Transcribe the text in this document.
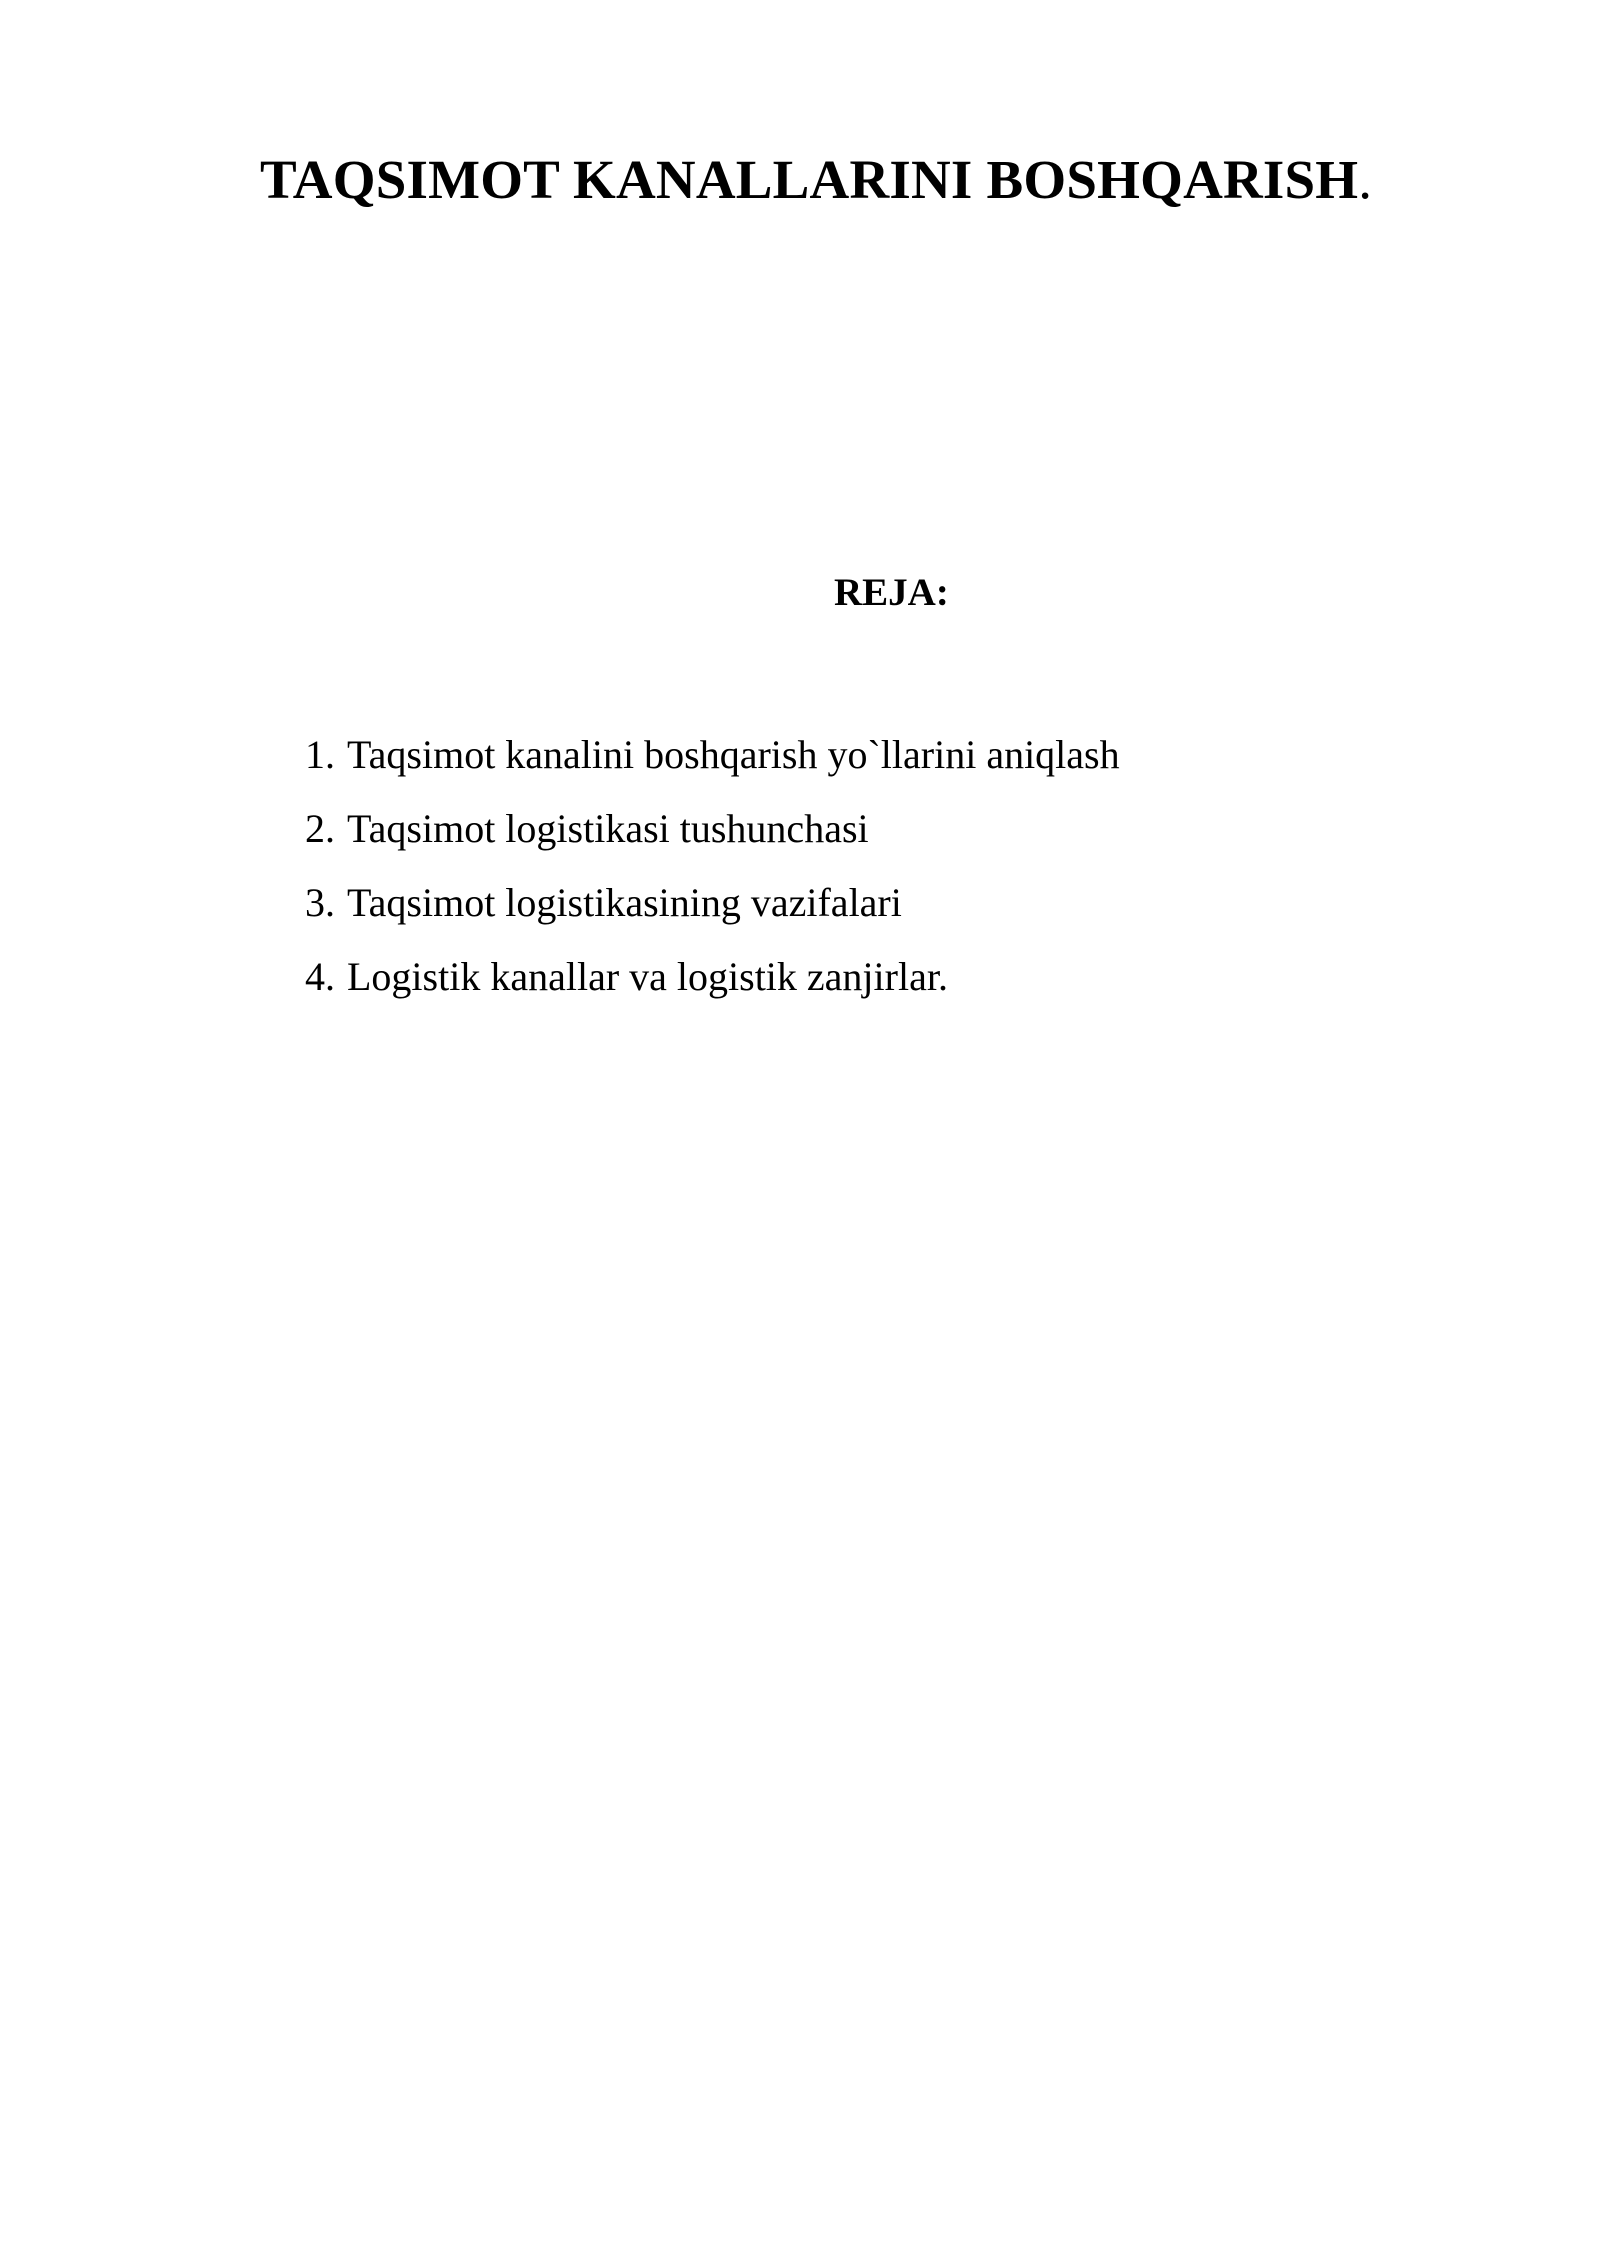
TAQSIMOT KANALLARINI BOSHQARISH.
REJA:
1. Taqsimot kanalini boshqarish yo`llarini aniqlash
2. Taqsimot logistikasi tushunchasi
3. Taqsimot logistikasining vazifalari
4. Logistik kanallar va logistik zanjirlar.
